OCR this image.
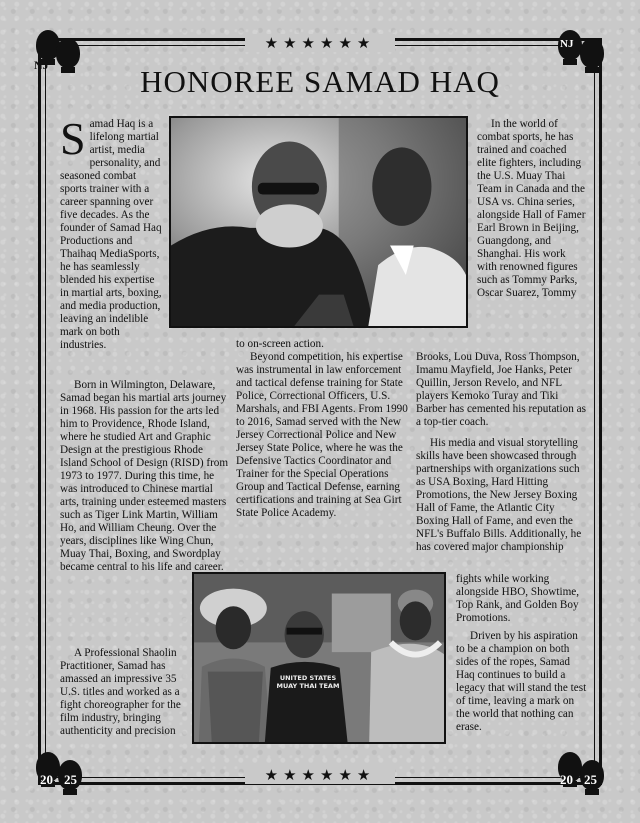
★★★★★★
★★★★★★
NJ
NJ
20 25	20 25
HONOREE SAMAD HAQ
UNITED STATES MUAY THAI TEAM

Samad Haq is a lifelong martial artist, media personality, and seasoned combat sports trainer with a career spanning over five decades. As the founder of Samad Haq Productions and Thaihaq MediaSports, he has seamlessly blended his expertise in martial arts, boxing, and media production, leaving an indelible mark on both industries.

Born in Wilmington, Delaware, Samad began his martial arts journey in 1968. His passion for the arts led him to Providence, Rhode Island, where he studied Art and Graphic Design at the prestigious Rhode Island School of Design (RISD) from 1973 to 1977. During this time, he was introduced to Chinese martial arts, training under esteemed masters such as Tiger Link Martin, William Ho, and William Cheung. Over the years, disciplines like Wing Chun, Muay Thai, Boxing, and Swordplay became central to his life and career.

A Professional Shaolin Practitioner, Samad has amassed an impressive 35 U.S. titles and worked as a fight choreographer for the film industry, bringing authenticity and precision

to on-screen action.

Beyond competition, his expertise was instrumental in law enforcement and tactical defense training for State Police, Correctional Officers, U.S. Marshals, and FBI Agents. From 1990 to 2016, Samad served with the New Jersey Correctional Police and New Jersey State Police, where he was the Defensive Tactics Coordinator and Trainer for the Special Operations Group and Tactical Defense, earning certifications and training at Sea Girt State Police Academy.

In the world of combat sports, he has trained and coached elite fighters, including the U.S. Muay Thai Team in Canada and the USA vs. China series, alongside Hall of Famer Earl Brown in Beijing, Guangdong, and Shanghai. His work with renowned figures such as Tommy Parks, Oscar Suarez, Tommy

Brooks, Lou Duva, Ross Thompson, Imamu Mayfield, Joe Hanks, Peter Quillin, Jerson Revelo, and NFL players Kemoko Turay and Tiki Barber has cemented his reputation as a top-tier coach.

His media and visual storytelling skills have been showcased through partnerships with organizations such as USA Boxing, Hard Hitting Promotions, the New Jersey Boxing Hall of Fame, the Atlantic City Boxing Hall of Fame, and even the NFL's Buffalo Bills. Additionally, he has covered major championship

fights while working alongside HBO, Showtime, Top Rank, and Golden Boy Promotions.

Driven by his aspiration to be a champion on both sides of the ropes, Samad Haq continues to build a legacy that will stand the test of time, leaving a mark on the world that nothing can erase.
